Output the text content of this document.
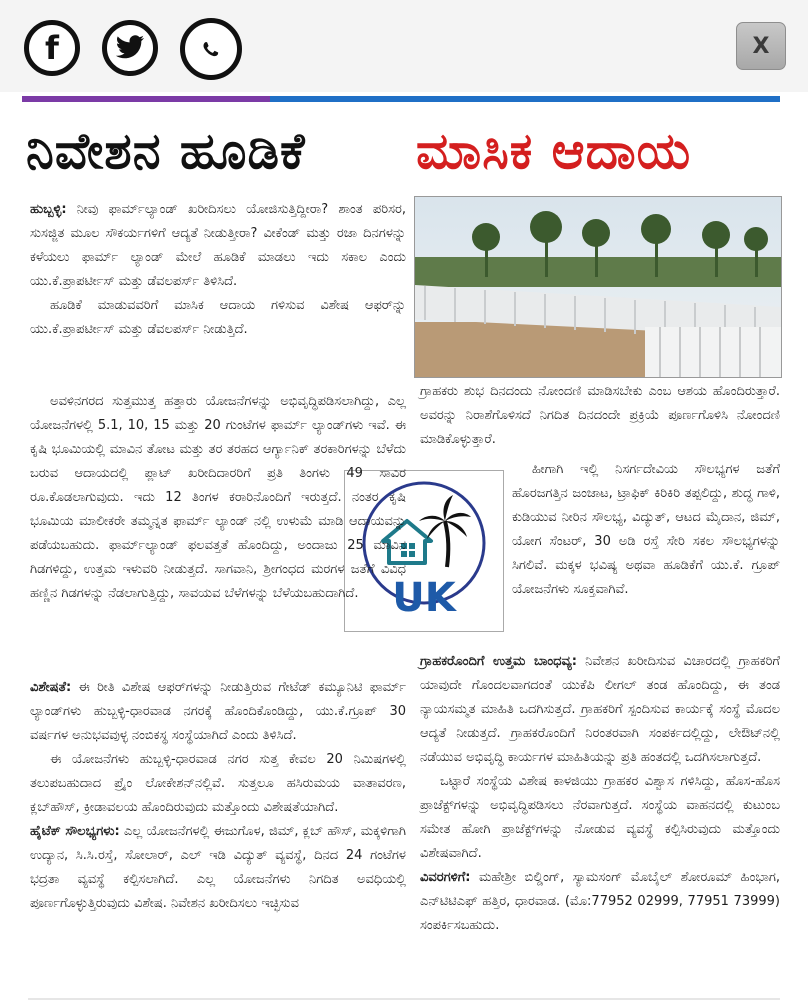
f	X
ನಿವೇಶನ ಹೂಡಿಕೆ	ಮಾಸಿಕ ಆದಾಯ
UK

ಹುಬ್ಬಳ್ಳಿ: ನೀವು ಫಾರ್ಮ್‌ಲ್ಯಾಂಡ್ ಖರೀದಿಸಲು ಯೋಜಿಸುತ್ತಿದ್ದೀರಾ? ಶಾಂತ ಪರಿಸರ, ಸುಸಜ್ಜಿತ ಮೂಲ ಸೌಕರ್ಯಗಳಿಗೆ ಆದ್ಯತೆ ನೀಡುತ್ತೀರಾ? ವೀಕೆಂಡ್ ಮತ್ತು ರಜಾ ದಿನಗಳನ್ನು ಕಳೆಯಲು ಫಾರ್ಮ್ ಲ್ಯಾಂಡ್ ಮೇಲೆ ಹೂಡಿಕೆ ಮಾಡಲು ಇದು ಸಕಾಲ ಎಂದು ಯು.ಕೆ.ಪ್ರಾಪರ್ಟೀಸ್ ಮತ್ತು ಡೆವಲಪರ್ಸ್ ತಿಳಿಸಿದೆ.

ಹೂಡಿಕೆ ಮಾಡುವವರಿಗೆ ಮಾಸಿಕ ಆದಾಯ ಗಳಿಸುವ ವಿಶೇಷ ಆಫರ್‌ನ್ನು ಯು.ಕೆ.ಪ್ರಾಪರ್ಟೀಸ್ ಮತ್ತು ಡೆವಲಪರ್ಸ್ ನೀಡುತ್ತಿದೆ.

ಅವಳಿನಗರದ ಸುತ್ತಮುತ್ತ ಹತ್ತಾರು ಯೋಜನೆಗಳನ್ನು ಅಭಿವೃದ್ಧಿಪಡಿಸಲಾಗಿದ್ದು, ಎಲ್ಲ ಯೋಜನೆಗಳಲ್ಲಿ 5.1, 10, 15 ಮತ್ತು 20 ಗುಂಟೆಗಳ ಫಾರ್ಮ್ ಲ್ಯಾಂಡ್‌ಗಳು ಇವೆ. ಈ ಕೃಷಿ ಭೂಮಿಯಲ್ಲಿ ಮಾವಿನ ತೋಟ ಮತ್ತು ತರ ತರಹದ ಆರ್ಗ್ಯಾನಿಕ್ ತರಕಾರಿಗಳನ್ನು ಬೆಳೆದು ಬರುವ ಆದಾಯದಲ್ಲಿ ಪ್ಲಾಟ್ ಖರೀದಿದಾರರಿಗೆ ಪ್ರತಿ ತಿಂಗಳು 49 ಸಾವಿರ ರೂ.ಕೊಡಲಾಗುವುದು. ಇದು 12 ತಿಂಗಳ ಕರಾರಿನೊಂದಿಗೆ ಇರುತ್ತದೆ. ನಂತರ ಕೃಷಿ ಭೂಮಿಯ ಮಾಲೀಕರೇ ತಮ್ಮನ್ನತ ಫಾರ್ಮ್ ಲ್ಯಾಂಡ್ ನಲ್ಲಿ ಉಳುಮೆ ಮಾಡಿ ಆದಾಯವನ್ನು ಪಡೆಯಬಹುದು. ಫಾರ್ಮ್‌ಲ್ಯಾಂಡ್ ಫಲವತ್ತತೆ ಹೊಂದಿದ್ದು, ಅಂದಾಜು 25 ಮಾವಿನ ಗಿಡಗಳಿದ್ದು, ಉತ್ತಮ ಇಳುವರಿ ನೀಡುತ್ತದೆ. ಸಾಗವಾನಿ, ಶ್ರೀಗಂಧದ ಮರಗಳ ಜತೆಗೆ ವಿವಿಧ ಹಣ್ಣಿನ ಗಿಡಗಳನ್ನು ನೆಡಲಾಗುತ್ತಿದ್ದು, ಸಾವಯವ ಬೆಳೆಗಳನ್ನು ಬೆಳೆಯಬಹುದಾಗಿದೆ.

ವಿಶೇಷತೆ: ಈ ರೀತಿ ವಿಶೇಷ ಆಫರ್‌ಗಳನ್ನು ನೀಡುತ್ತಿರುವ ಗೇಟೆಡ್ ಕಮ್ಯೂನಿಟಿ ಫಾರ್ಮ್ ಲ್ಯಾಂಡ್‌ಗಳು ಹುಬ್ಬಳ್ಳಿ-ಧಾರವಾಡ ನಗರಕ್ಕೆ ಹೊಂದಿಕೊಂಡಿದ್ದು, ಯು.ಕೆ.ಗ್ರೂಪ್ 30 ವರ್ಷಗಳ ಅನುಭವವುಳ್ಳ ನಂಬಿಕಸ್ಥ ಸಂಸ್ಥೆಯಾಗಿದೆ ಎಂದು ತಿಳಿಸಿದೆ.

ಈ ಯೋಜನೆಗಳು ಹುಬ್ಬಳ್ಳಿ-ಧಾರವಾಡ ನಗರ ಸುತ್ತ ಕೇವಲ 20 ನಿಮಿಷಗಳಲ್ಲಿ ತಲುಪಬಹುದಾದ ಪ್ರೈಂ ಲೋಕೇಶನ್‌ನಲ್ಲಿವೆ. ಸುತ್ತಲೂ ಹಸಿರುಮಯ ವಾತಾವರಣ, ಕ್ಲಬ್‌ಹೌಸ್, ಕ್ರೀಡಾವಲಯ ಹೊಂದಿರುವುದು ಮತ್ತೊಂದು ವಿಶೇಷತೆಯಾಗಿದೆ.

ಹೈಟೆಕ್ ಸೌಲಭ್ಯಗಳು: ಎಲ್ಲ ಯೋಜನೆಗಳಲ್ಲಿ ಈಜುಗೊಳ, ಜಿಮ್, ಕ್ಲಬ್ ಹೌಸ್, ಮಕ್ಕಳಿಗಾಗಿ ಉದ್ಯಾನ, ಸಿ.ಸಿ.ರಸ್ತೆ, ಸೋಲಾರ್, ಎಲ್ ಇಡಿ ವಿದ್ಯುತ್ ವ್ಯವಸ್ಥೆ, ದಿನದ 24 ಗಂಟೆಗಳ ಭದ್ರತಾ ವ್ಯವಸ್ಥೆ ಕಲ್ಪಿಸಲಾಗಿದೆ. ಎಲ್ಲ ಯೋಜನೆಗಳು ನಿಗದಿತ ಅವಧಿಯಲ್ಲಿ ಪೂರ್ಣಗೊಳ್ಳುತ್ತಿರುವುದು ವಿಶೇಷ. ನಿವೇಶನ ಖರೀದಿಸಲು ಇಚ್ಛಿಸುವ

ಗ್ರಾಹಕರು ಶುಭ ದಿನದಂದು ನೋಂದಣಿ ಮಾಡಿಸಬೇಕು ಎಂಬ ಆಶಯ ಹೊಂದಿರುತ್ತಾರೆ. ಅವರನ್ನು ನಿರಾಶೆಗೊಳಿಸದೆ ನಿಗದಿತ ದಿನದಂದೇ ಪ್ರಕ್ರಿಯೆ ಪೂರ್ಣಗೊಳಿಸಿ ನೋಂದಣಿ ಮಾಡಿಕೊಳ್ಳುತ್ತಾರೆ.

ಹೀಗಾಗಿ ಇಲ್ಲಿ ನಿಸರ್ಗದೇವಿಯ ಸೌಲಭ್ಯಗಳ ಜತೆಗೆ ಹೊರಜಗತ್ತಿನ ಜಂಜಾಟ, ಟ್ರಾಫಿಕ್ ಕಿರಿಕಿರಿ ತಪ್ಪಲಿದ್ದು, ಶುದ್ಧ ಗಾಳಿ, ಕುಡಿಯುವ ನೀರಿನ ಸೌಲಭ್ಯ, ವಿದ್ಯುತ್, ಆಟದ ಮೈದಾನ, ಜಿಮ್, ಯೋಗ ಸೆಂಟರ್, 30 ಅಡಿ ರಸ್ತೆ ಸೇರಿ ಸಕಲ ಸೌಲಭ್ಯಗಳನ್ನು ಸಿಗಲಿವೆ. ಮಕ್ಕಳ ಭವಿಷ್ಯ ಅಥವಾ ಹೂಡಿಕೆಗೆ ಯು.ಕೆ. ಗ್ರೂಪ್ ಯೋಜನೆಗಳು ಸೂಕ್ತವಾಗಿವೆ.

ಗ್ರಾಹಕರೊಂದಿಗೆ ಉತ್ತಮ ಬಾಂಧವ್ಯ: ನಿವೇಶನ ಖರೀದಿಸುವ ವಿಚಾರದಲ್ಲಿ ಗ್ರಾಹಕರಿಗೆ ಯಾವುದೇ ಗೊಂದಲವಾಗದಂತೆ ಯುಕೆಪಿ ಲೀಗಲ್ ತಂಡ ಹೊಂದಿದ್ದು, ಈ ತಂಡ ನ್ಯಾಯಸಮ್ಮತ ಮಾಹಿತಿ ಒದಗಿಸುತ್ತದೆ. ಗ್ರಾಹಕರಿಗೆ ಸ್ಪಂದಿಸುವ ಕಾರ್ಯಕ್ಕೆ ಸಂಸ್ಥೆ ಮೊದಲ ಆದ್ಯತೆ ನೀಡುತ್ತದೆ. ಗ್ರಾಹಕರೊಂದಿಗೆ ನಿರಂತರವಾಗಿ ಸಂಪರ್ಕದಲ್ಲಿದ್ದು, ಲೇಔಟ್‌ನಲ್ಲಿ ನಡೆಯುವ ಅಭಿವೃದ್ಧಿ ಕಾರ್ಯಗಳ ಮಾಹಿತಿಯನ್ನು ಪ್ರತಿ ಹಂತದಲ್ಲಿ ಒದಗಿಸಲಾಗುತ್ತದೆ.

ಒಟ್ಟಾರೆ ಸಂಸ್ಥೆಯ ವಿಶೇಷ ಕಾಳಜಿಯು ಗ್ರಾಹಕರ ವಿಶ್ವಾಸ ಗಳಿಸಿದ್ದು, ಹೊಸ-ಹೊಸ ಪ್ರಾಜೆಕ್ಟ್‌ಗಳನ್ನು ಅಭಿವೃದ್ಧಿಪಡಿಸಲು ನೆರವಾಗುತ್ತದೆ. ಸಂಸ್ಥೆಯ ವಾಹನದಲ್ಲಿ ಕುಟುಂಬ ಸಮೇತ ಹೋಗಿ ಪ್ರಾಜೆಕ್ಟ್‌ಗಳನ್ನು ನೋಡುವ ವ್ಯವಸ್ಥೆ ಕಲ್ಪಿಸಿರುವುದು ಮತ್ತೊಂದು ವಿಶೇಷವಾಗಿದೆ.

ವಿವರಗಳಿಗೆ: ಮಹೇಶ್ರೀ ಬಿಲ್ಡಿಂಗ್, ಸ್ಯಾಮಸಂಗ್ ಮೊಬೈಲ್ ಶೋರೂಮ್ ಹಿಂಭಾಗ, ಎನ್‌ಟಿಟಿಎಫ್ ಹತ್ತಿರ, ಧಾರವಾಡ. (ಮೊ:77952 02999, 77951 73999) ಸಂಪರ್ಕಿಸಬಹುದು.
